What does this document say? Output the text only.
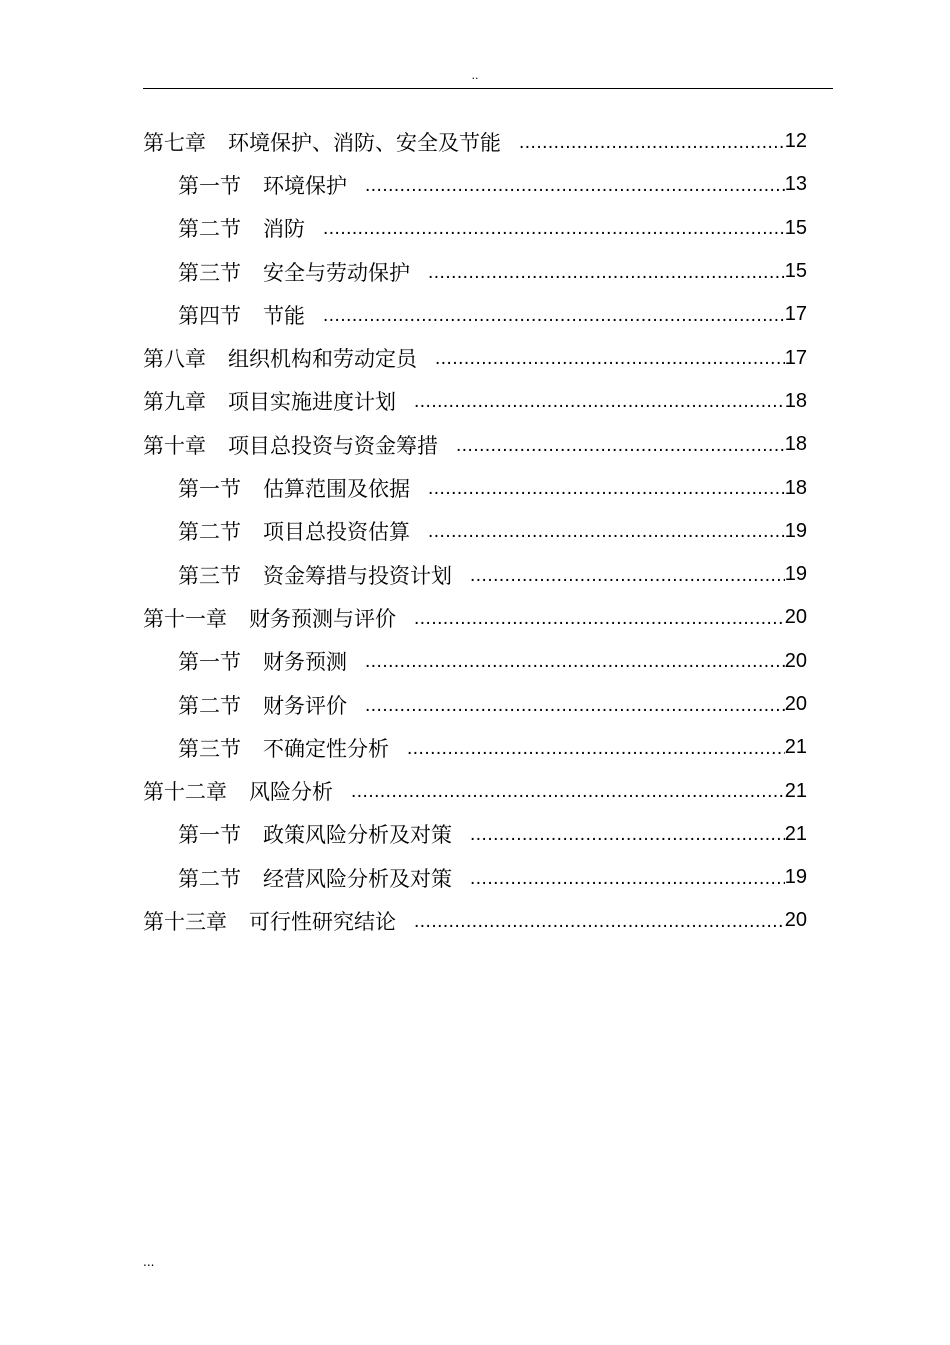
..
第七章 环境保护、消防、安全及节能 .....	12
第一节 环境保护 .....	13
第二节 消防 .....	15
第三节 安全与劳动保护 .....	15
第四节 节能 .....	17
第八章 组织机构和劳动定员 .....	17
第九章 项目实施进度计划 .....	18
第十章 项目总投资与资金筹措 .....	18
第一节 估算范围及依据 .....	18
第二节 项目总投资估算 .....	19
第三节 资金筹措与投资计划 .....	19
第十一章 财务预测与评价 .....	20
第一节 财务预测 .....	20
第二节 财务评价 .....	20
第三节 不确定性分析 .....	21
第十二章 风险分析 .....	21
第一节 政策风险分析及对策 .....	21
第二节 经营风险分析及对策 .....	19
第十三章 可行性研究结论 .....	20
...
